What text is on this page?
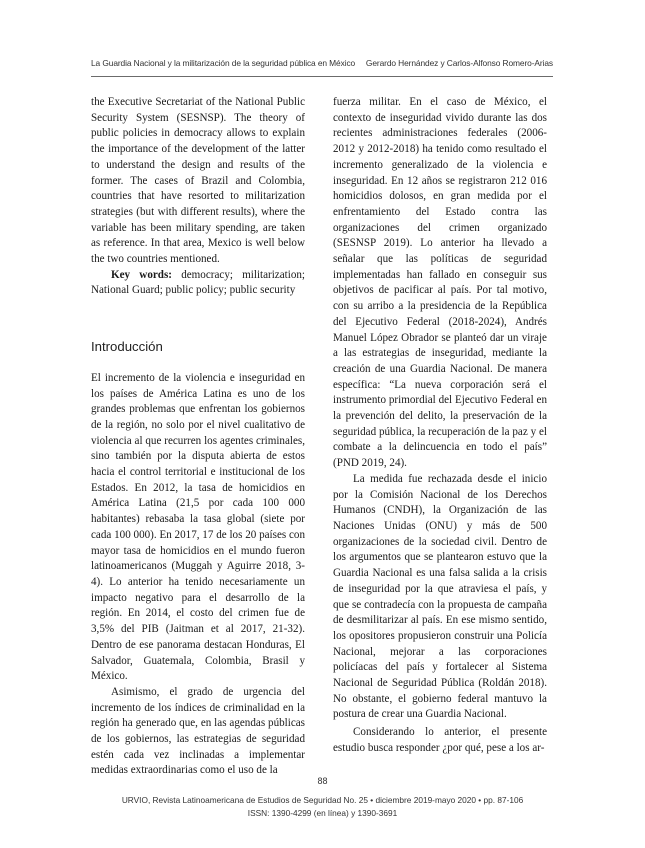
La Guardia Nacional y la militarización de la seguridad pública en México Gerardo Hernández y Carlos-Alfonso Romero-Arias

the Executive Secretariat of the National Public Security System (SESNSP). The theory of public policies in democracy allows to explain the importance of the development of the latter to understand the design and results of the former. The cases of Brazil and Colombia, countries that have resorted to militarization strategies (but with different results), where the variable has been military spending, are taken as reference. In that area, Mexico is well below the two countries mentioned.

Key words: democracy; militarization; National Guard; public policy; public security

Introducción

El incremento de la violencia e inseguridad en los países de América Latina es uno de los grandes problemas que enfrentan los gobiernos de la región, no solo por el nivel cualitativo de violencia al que recurren los agentes criminales, sino también por la disputa abierta de estos hacia el control territorial e institucional de los Estados. En 2012, la tasa de homicidios en América Latina (21,5 por cada 100 000 habitantes) rebasaba la tasa global (siete por cada 100 000). En 2017, 17 de los 20 países con mayor tasa de homicidios en el mundo fueron latinoamericanos (Muggah y Aguirre 2018, 3-4). Lo anterior ha tenido necesariamente un impacto negativo para el desarrollo de la región. En 2014, el costo del crimen fue de 3,5% del PIB (Jaitman et al 2017, 21-32). Dentro de ese panorama destacan Honduras, El Salvador, Guatemala, Colombia, Brasil y México.

Asimismo, el grado de urgencia del incremento de los índices de criminalidad en la región ha generado que, en las agendas públicas de los gobiernos, las estrategias de seguridad estén cada vez inclinadas a implementar medidas extraordinarias como el uso de la

fuerza militar. En el caso de México, el contexto de inseguridad vivido durante las dos recientes administraciones federales (2006-2012 y 2012-2018) ha tenido como resultado el incremento generalizado de la violencia e inseguridad. En 12 años se registraron 212 016 homicidios dolosos, en gran medida por el enfrentamiento del Estado contra las organizaciones del crimen organizado (SESNSP 2019). Lo anterior ha llevado a señalar que las políticas de seguridad implementadas han fallado en conseguir sus objetivos de pacificar al país. Por tal motivo, con su arribo a la presidencia de la República del Ejecutivo Federal (2018-2024), Andrés Manuel López Obrador se planteó dar un viraje a las estrategias de inseguridad, mediante la creación de una Guardia Nacional. De manera específica: “La nueva corporación será el instrumento primordial del Ejecutivo Federal en la prevención del delito, la preservación de la seguridad pública, la recuperación de la paz y el combate a la delincuencia en todo el país” (PND 2019, 24).

La medida fue rechazada desde el inicio por la Comisión Nacional de los Derechos Humanos (CNDH), la Organización de las Naciones Unidas (ONU) y más de 500 organizaciones de la sociedad civil. Dentro de los argumentos que se plantearon estuvo que la Guardia Nacional es una falsa salida a la crisis de inseguridad por la que atraviesa el país, y que se contradecía con la propuesta de campaña de desmilitarizar al país. En ese mismo sentido, los opositores propusieron construir una Policía Nacional, mejorar a las corporaciones policíacas del país y fortalecer al Sistema Nacional de Seguridad Pública (Roldán 2018). No obstante, el gobierno federal mantuvo la postura de crear una Guardia Nacional.

Considerando lo anterior, el presente estudio busca responder ¿por qué, pese a los ar-

88
URVIO, Revista Latinoamericana de Estudios de Seguridad No. 25 • diciembre 2019-mayo 2020 • pp. 87-106
ISSN: 1390-4299 (en línea) y 1390-3691
